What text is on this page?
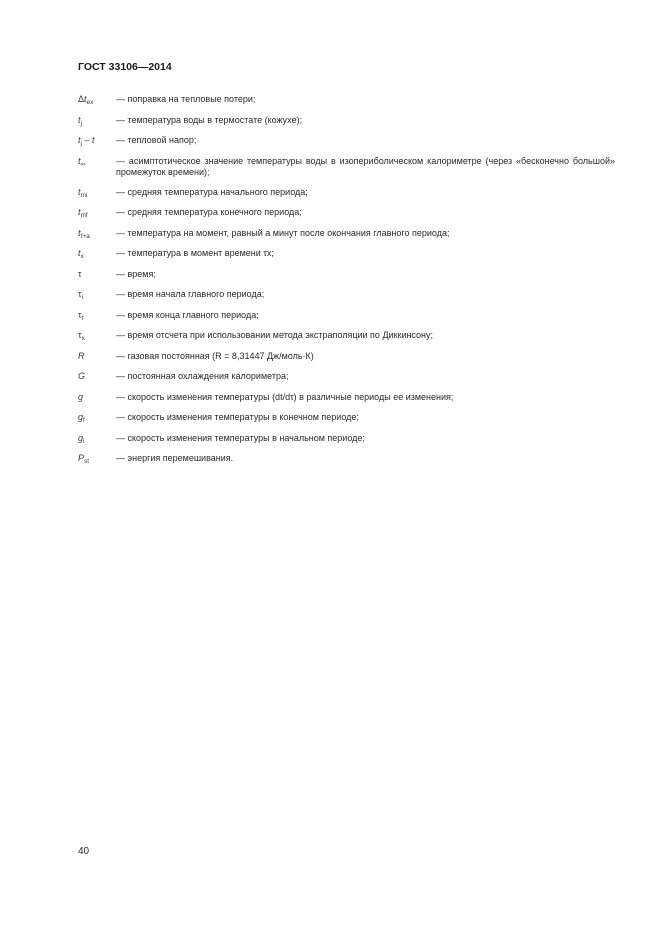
ГОСТ 33106—2014
$\Delta t_{ex}$	— поправка на тепловые потери;
$t_j$	— температура воды в термостате (кожухе);
$t_j$ – t	— тепловой напор;
$t_\infty$	— асимптотическое значение температуры воды в изопериболическом калориметре (через «бесконечно большой» промежуток времени);
$t_{mi}$	— средняя температура начального периода;
$t_{mf}$	— средняя температура конечного периода;
$t_{f+a}$	— температура на момент, равный a минут после окончания главного периода;
$t_x$	— температура в момент времени τx;
τ	— время;
$\tau_i$	— время начала главного периода;
$\tau_f$	— время конца главного периода;
$\tau_x$	— время отсчета при использовании метода экстраполяции по Диккинсону;
R	— газовая постоянная (R = 8,31447 Дж/моль·К)
G	— постоянная охлаждения калориметра;
g	— скорость изменения температуры (dt/dτ) в различные периоды ее изменения;
$g_f$	— скорость изменения температуры в конечном периоде;
$g_i$	— скорость изменения температуры в начальном периоде;
$P_{st}$	— энергия перемешивания.
40
